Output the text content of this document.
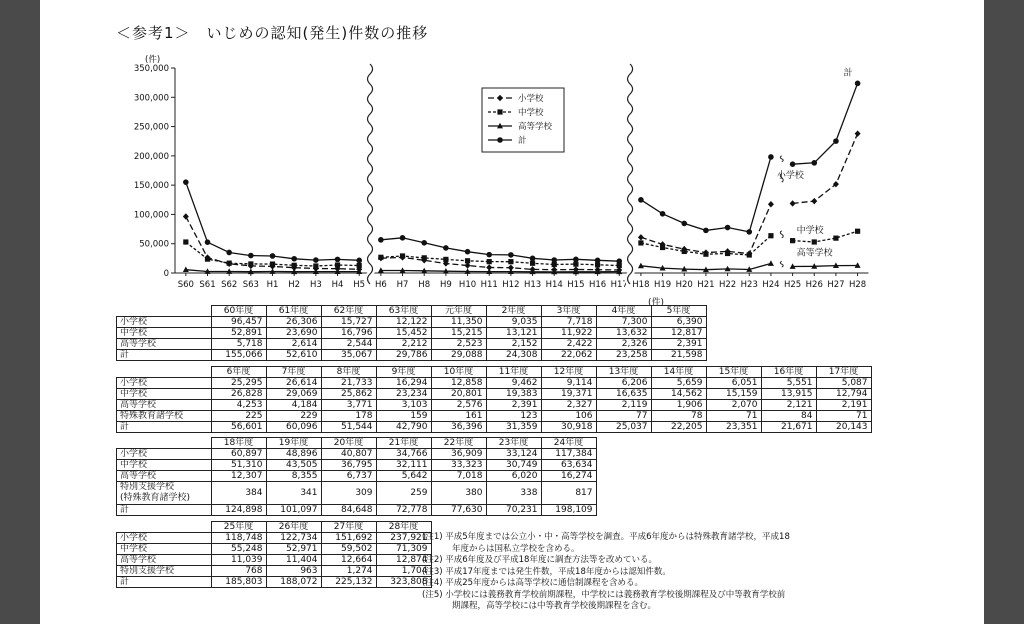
＜参考1＞　いじめの認知(発生)件数の推移
0
50,000
100,000
150,000
200,000
250,000
300,000
350,000
(件)
S60 S61 S62 S63 H1 H2 H3 H4 H5 H6 H7 H8 H9 H10 H11 H12 H13 H14 H15 H16 H17 H18 H19 H20 H21 H22 H23 H24 H25 H26 H27 H28
小学校
中学校
高等学校
計
計
小学校
中学校
高等学校
(件)
	60年度	61年度	62年度	63年度	元年度	2年度	3年度	4年度	5年度

小学校	96,457	26,306	15,727	12,122	11,350	9,035	7,718	7,300	6,390

中学校	52,891	23,690	16,796	15,452	15,215	13,121	11,922	13,632	12,817

高等学校	5,718	2,614	2,544	2,212	2,523	2,152	2,422	2,326	2,391

計	155,066	52,610	35,067	29,786	29,088	24,308	22,062	23,258	21,598
	6年度	7年度	8年度	9年度	10年度	11年度	12年度	13年度	14年度	15年度	16年度	17年度

小学校	25,295	26,614	21,733	16,294	12,858	9,462	9,114	6,206	5,659	6,051	5,551	5,087

中学校	26,828	29,069	25,862	23,234	20,801	19,383	19,371	16,635	14,562	15,159	13,915	12,794

高等学校	4,253	4,184	3,771	3,103	2,576	2,391	2,327	2,119	1,906	2,070	2,121	2,191

特殊教育諸学校	225	229	178	159	161	123	106	77	78	71	84	71

計	56,601	60,096	51,544	42,790	36,396	31,359	30,918	25,037	22,205	23,351	21,671	20,143
	18年度	19年度	20年度	21年度	22年度	23年度	24年度

小学校	60,897	48,896	40,807	34,766	36,909	33,124	117,384

中学校	51,310	43,505	36,795	32,111	33,323	30,749	63,634

高等学校	12,307	8,355	6,737	5,642	7,018	6,020	16,274

特別支援学校
(特殊教育諸学校)	384	341	309	259	380	338	817

計	124,898	101,097	84,648	72,778	77,630	70,231	198,109
	25年度	26年度	27年度	28年度

小学校	118,748	122,734	151,692	237,921

中学校	55,248	52,971	59,502	71,309

高等学校	11,039	11,404	12,664	12,874

特別支援学校	768	963	1,274	1,704

計	185,803	188,072	225,132	323,808
(注1) 平成5年度までは公立小・中・高等学校を調査。平成6年度からは特殊教育諸学校，平成18
年度からは国私立学校を含める。
(注2) 平成6年度及び平成18年度に調査方法等を改めている。
(注3) 平成17年度までは発生件数，平成18年度からは認知件数。
(注4) 平成25年度からは高等学校に通信制課程を含める。
(注5) 小学校には義務教育学校前期課程，中学校には義務教育学校後期課程及び中等教育学校前
期課程，高等学校には中等教育学校後期課程を含む。
